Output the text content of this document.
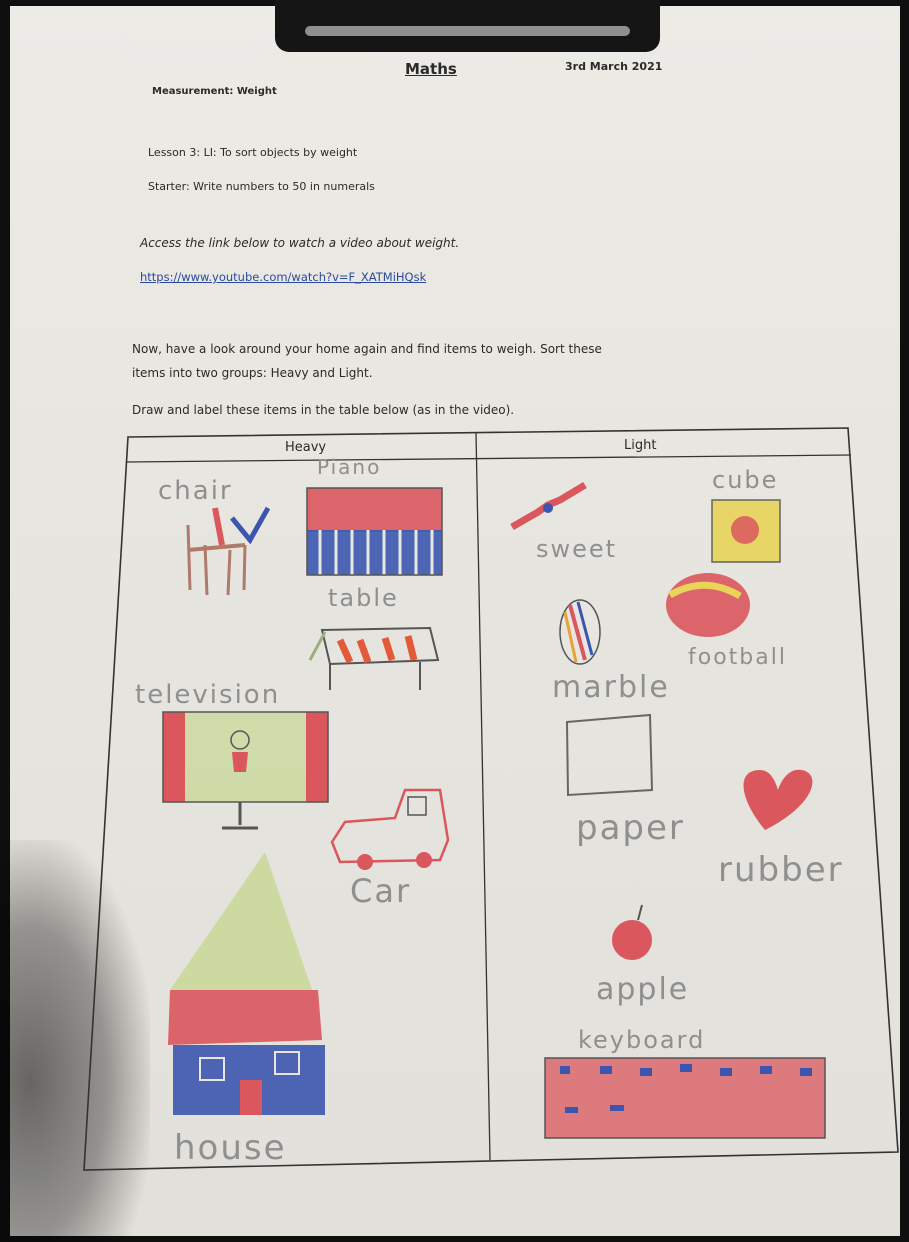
Maths	3rd March 2021
Measurement: Weight
Lesson 3: LI: To sort objects by weight
Starter: Write numbers to 50 in numerals
Access the link below to watch a video about weight.
https://www.youtube.com/watch?v=F_XATMiHQsk
Now, have a look around your home again and find items to weigh. Sort these
items into two groups: Heavy and Light.
Draw and label these items in the table below (as in the video).
Heavy	Light
chair
Piano
table
television
Car
house
sweet
cube
marble
football
paper
rubber
apple
keyboard
